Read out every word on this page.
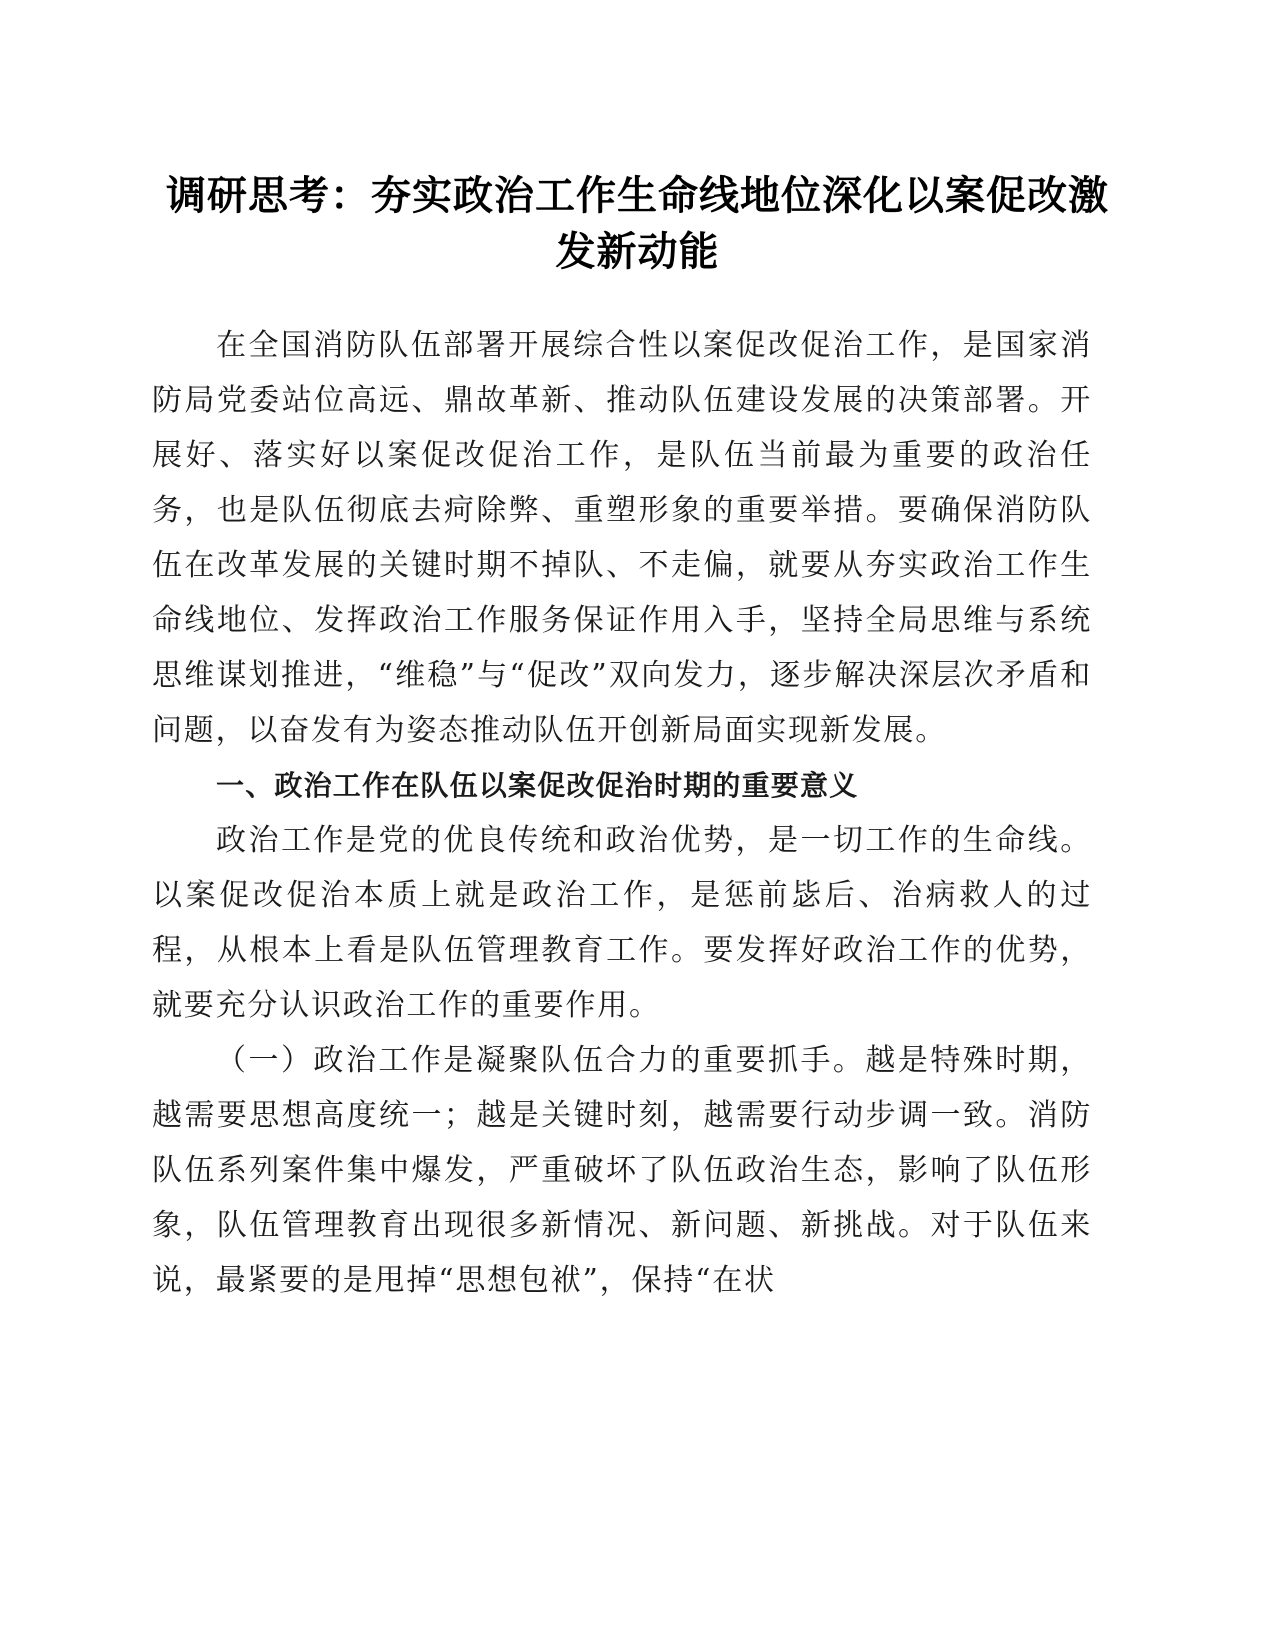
调研思考：夯实政治工作生命线地位深化以案促改激发新动能

在全国消防队伍部署开展综合性以案促改促治工作，是国家消防局党委站位高远、鼎故革新、推动队伍建设发展的决策部署。开展好、落实好以案促改促治工作，是队伍当前最为重要的政治任务，也是队伍彻底去疴除弊、重塑形象的重要举措。要确保消防队伍在改革发展的关键时期不掉队、不走偏，就要从夯实政治工作生命线地位、发挥政治工作服务保证作用入手，坚持全局思维与系统思维谋划推进，“维稳”与“促改”双向发力，逐步解决深层次矛盾和问题，以奋发有为姿态推动队伍开创新局面实现新发展。

一、政治工作在队伍以案促改促治时期的重要意义

政治工作是党的优良传统和政治优势，是一切工作的生命线。以案促改促治本质上就是政治工作，是惩前毖后、治病救人的过程，从根本上看是队伍管理教育工作。要发挥好政治工作的优势，就要充分认识政治工作的重要作用。

（一）政治工作是凝聚队伍合力的重要抓手。越是特殊时期，越需要思想高度统一；越是关键时刻，越需要行动步调一致。消防队伍系列案件集中爆发，严重破坏了队伍政治生态，影响了队伍形象，队伍管理教育出现很多新情况、新问题、新挑战。对于队伍来说，最紧要的是甩掉“思想包袱”，保持“在状
